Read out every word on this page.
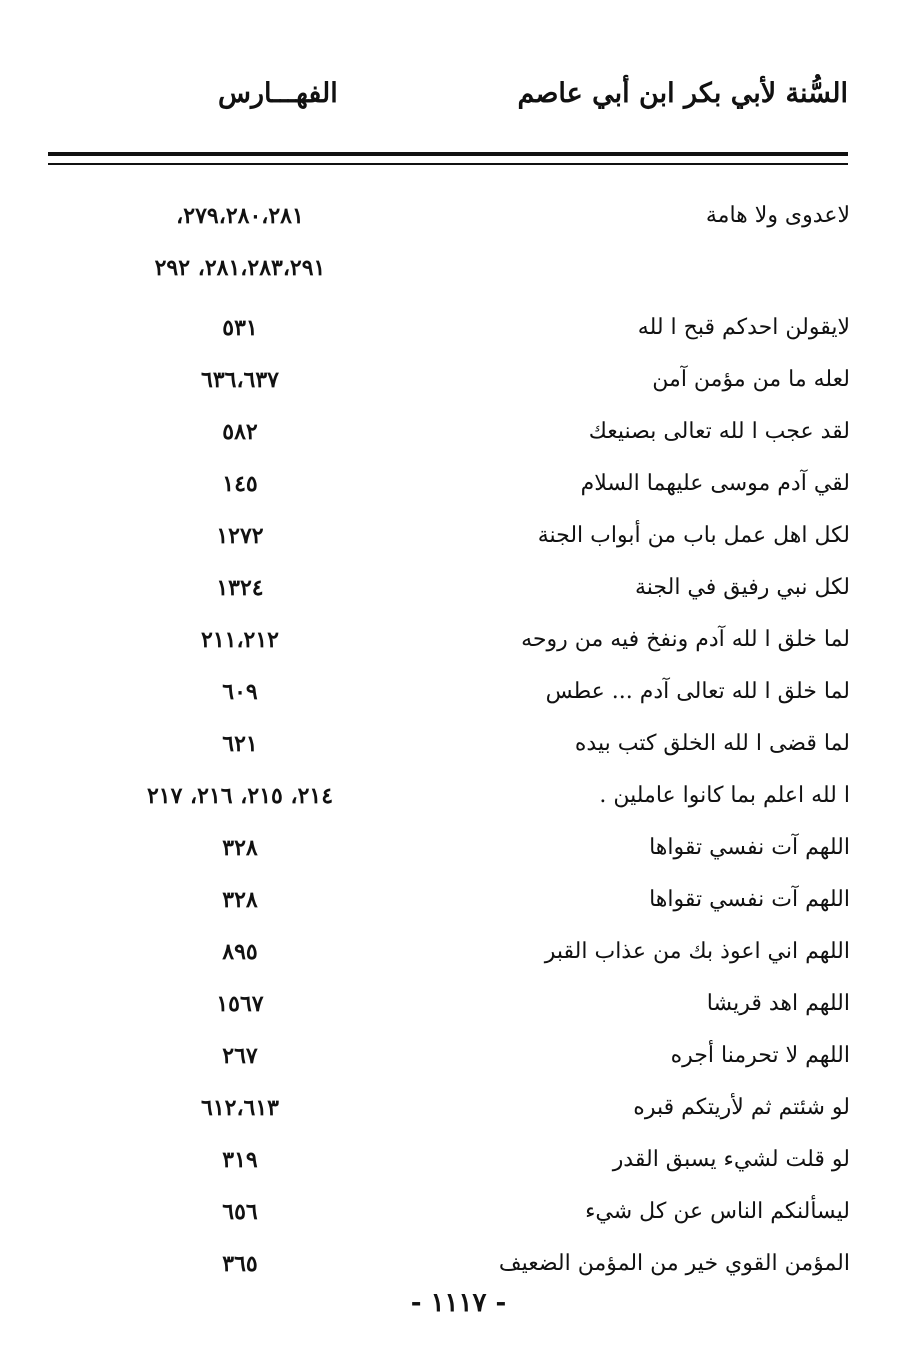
السُّنة لأبي بكر ابن أبي عاصم
الفهـــارس
لاعدوى ولا هامة
٢٧٩،٢٨٠،٢٨١،
٢٨١،٢٨٣،٢٩١، ٢٩٢
لايقولن احدكم قبح ا لله
٥٣١
لعله ما من مؤمن آمن
٦٣٦،٦٣٧
لقد عجب ا لله تعالى بصنيعك
٥٨٢
لقي آدم موسى عليهما السلام
١٤٥
لكل اهل عمل باب من أبواب الجنة
١٢٧٢
لكل نبي رفيق في الجنة
١٣٢٤
لما خلق ا لله آدم ونفخ فيه من روحه
٢١١،٢١٢
لما خلق ا لله تعالى آدم ... عطس
٦٠٩
لما قضى ا لله الخلق كتب بيده
٦٢١
ا لله اعلم بما كانوا عاملين .
٢١٤، ٢١٥، ٢١٦، ٢١٧
اللهم آت نفسي تقواها
٣٢٨
اللهم آت نفسي تقواها
٣٢٨
اللهم اني اعوذ بك من عذاب القبر
٨٩٥
اللهم اهد قريشا
١٥٦٧
اللهم لا تحرمنا أجره
٢٦٧
لو شئتم ثم لأريتكم قبره
٦١٢،٦١٣
لو قلت لشيء يسبق القدر
٣١٩
ليسألنكم الناس عن كل شيء
٦٥٦
المؤمن القوي خير من المؤمن الضعيف
٣٦٥
- ١١١٧ -
